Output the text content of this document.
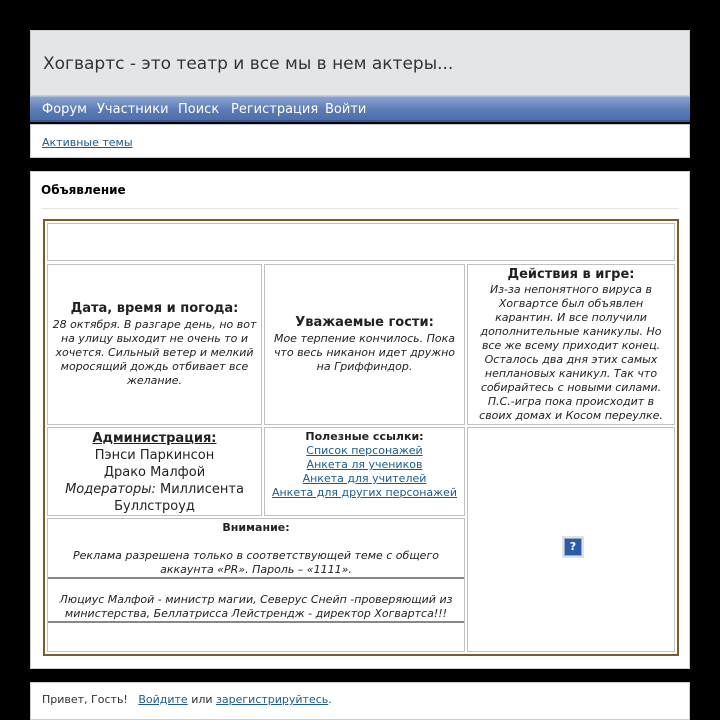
Хогвартс - это театр и все мы в нем актеры...
Форум Участники Поиск Регистрация Войти
Активные темы
Объявление
Дата, время и погода:
28 октября. В разгаре день, но вот на улицу выходит не очень то и хочется. Сильный ветер и мелкий моросящий дождь отбивает все желание.
Уважаемые гости:
Мое терпение кончилось. Пока что весь никанон идет дружно на Гриффиндор.
Действия в игре:
Из-за непонятного вируса в Хогвартсе был объявлен карантин. И все получили дополнительные каникулы. Но все же всему приходит конец. Осталось два дня этих самых неплановых каникул. Так что собирайтесь с новыми силами. П.С.-игра пока происходит в своих домах и Косом переулке.
Администрация:
Пэнси Паркинсон
Драко Малфой
Модераторы: Миллисента Буллстроуд
Полезные ссылки:
Список персонажей
Анкета ля учеников
Анкета для учителей
Анкета для других персонажей
?
Внимание:
Реклама разрешена только в соответствующей теме с общего аккаунта «PR». Пароль – «1111».
Люциус Малфой - министр магии, Северус Снейп -проверяющий из министерства, Беллатрисса Лейстрендж - директор Хогвартса!!!
Привет, Гость! Войдите или зарегистрируйтесь.
